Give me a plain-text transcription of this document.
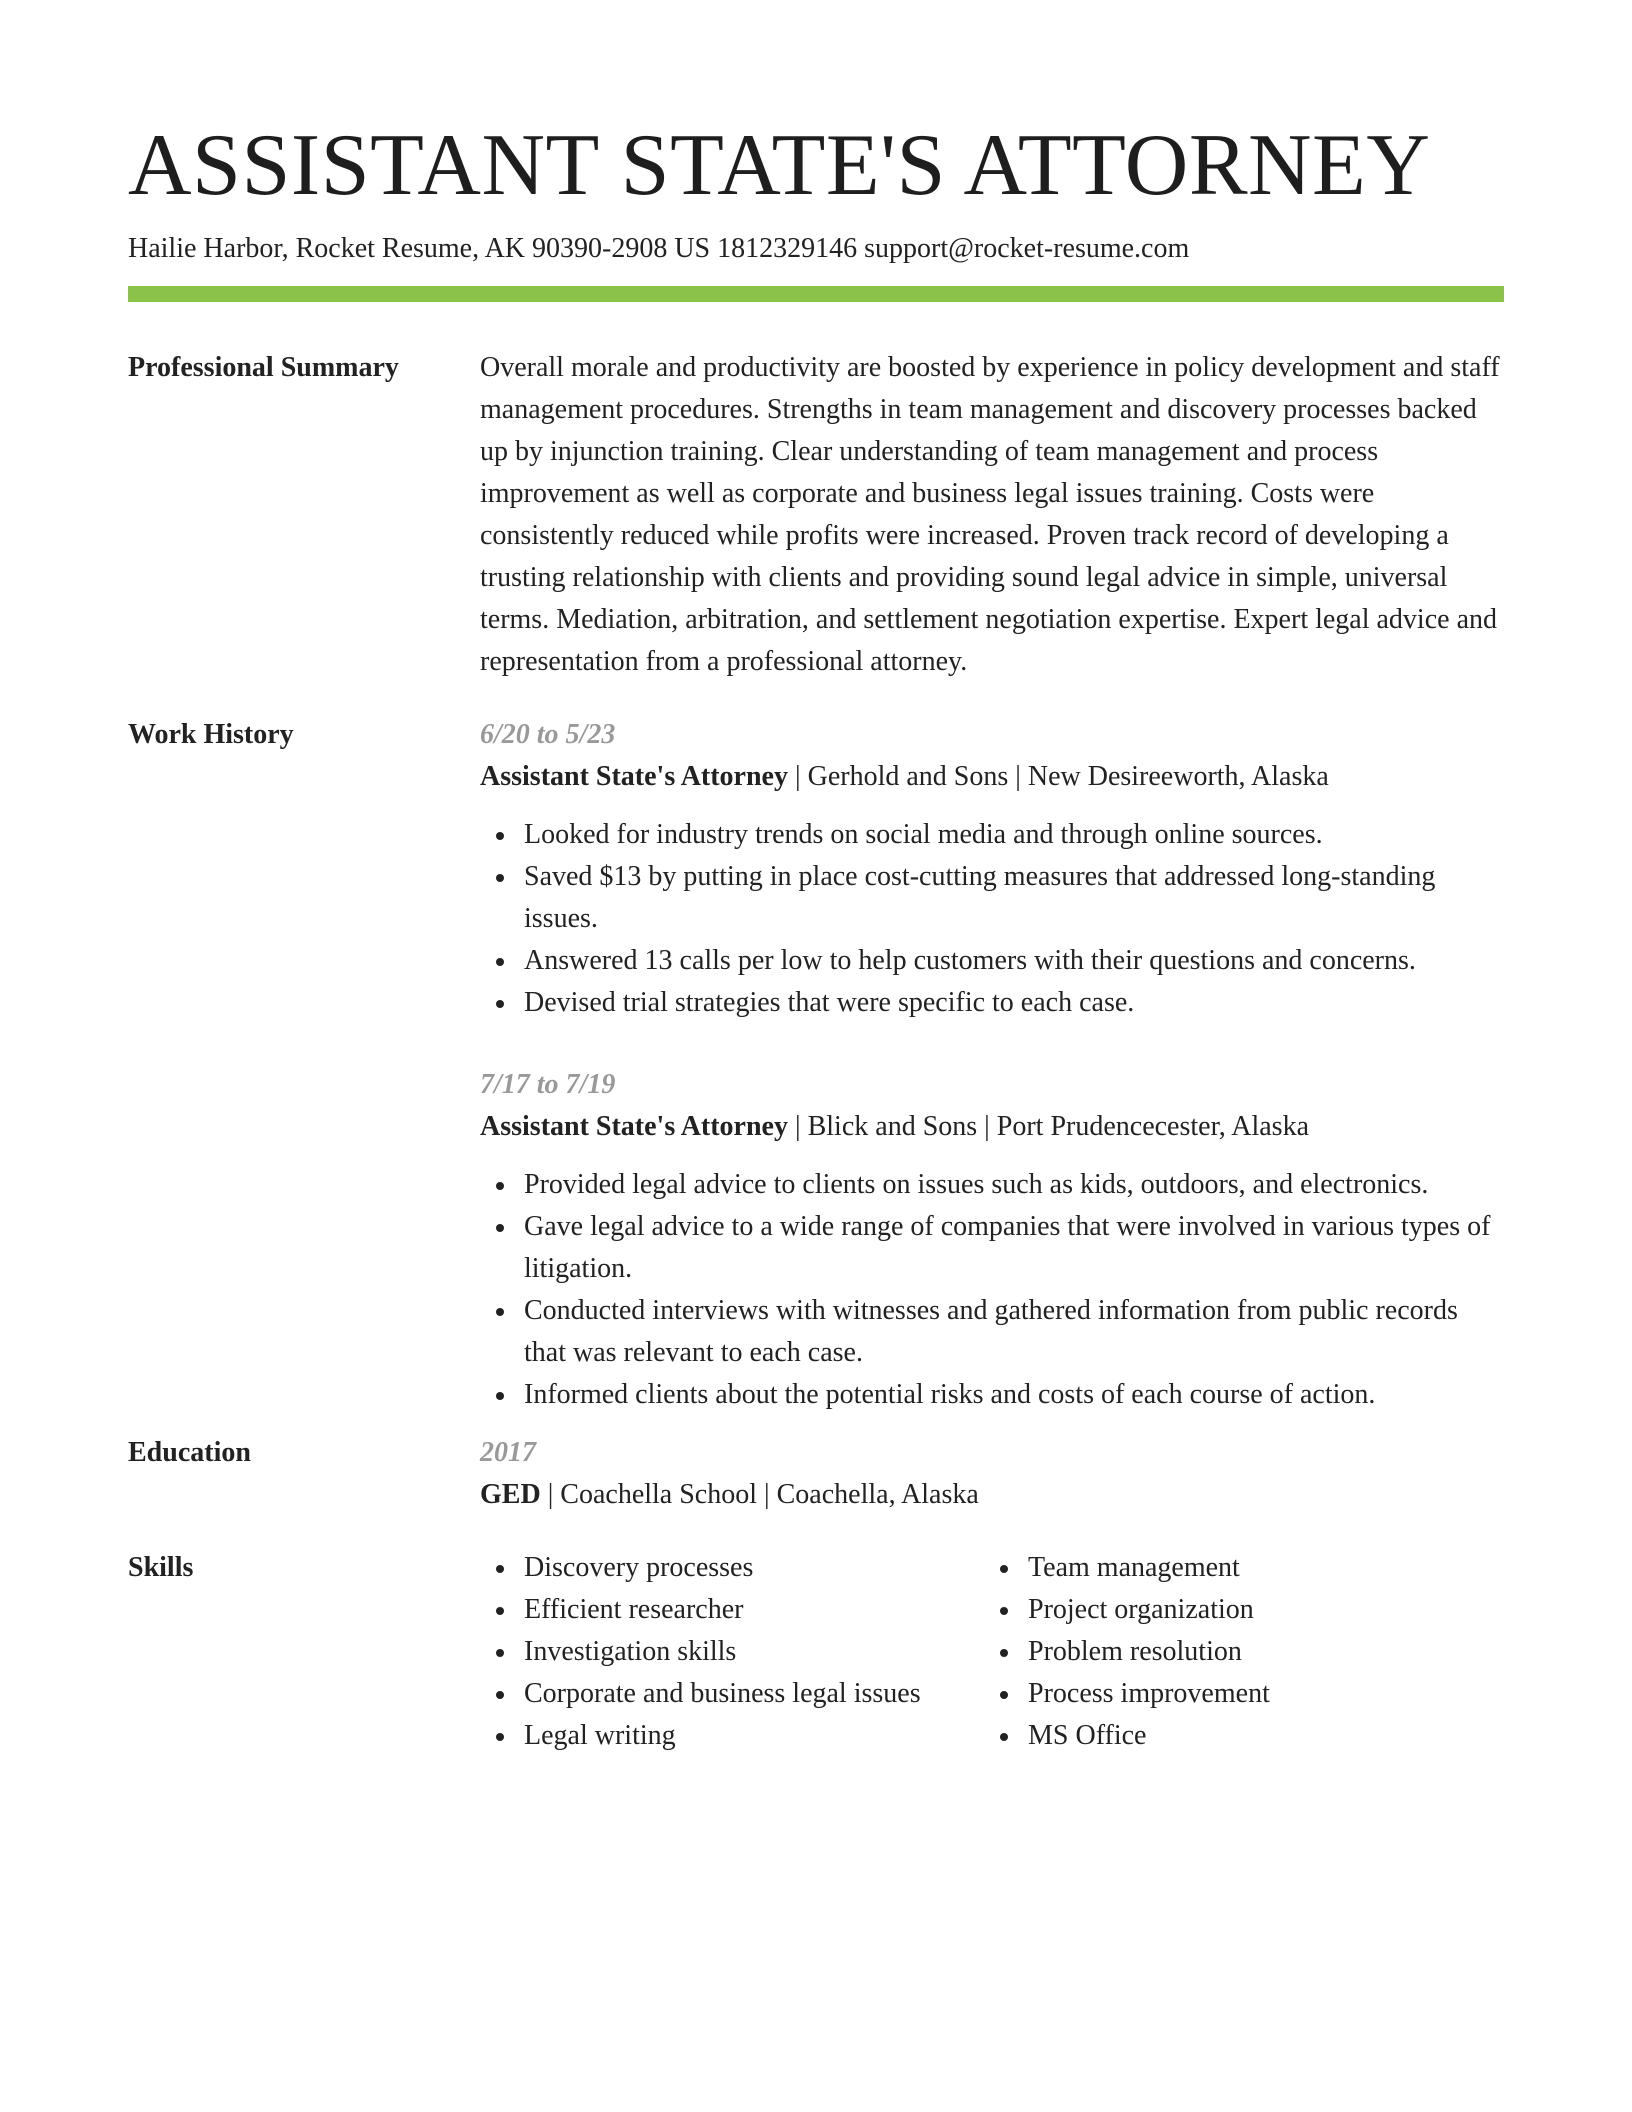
ASSISTANT STATE'S ATTORNEY
Hailie Harbor, Rocket Resume, AK 90390-2908 US 1812329146 support@rocket-resume.com
Professional Summary	Overall morale and productivity are boosted by experience in policy development and staff management procedures. Strengths in team management and discovery processes backed up by injunction training. Clear understanding of team management and process improvement as well as corporate and business legal issues training. Costs were consistently reduced while profits were increased. Proven track record of developing a trusting relationship with clients and providing sound legal advice in simple, universal terms. Mediation, arbitration, and settlement negotiation expertise. Expert legal advice and representation from a professional attorney.

Work History	6/20 to 5/23

Assistant State's Attorney | Gerhold and Sons | New Desireeworth, Alaska

Looked for industry trends on social media and through online sources.
Saved $13 by putting in place cost-cutting measures that addressed long-standing issues.
Answered 13 calls per low to help customers with their questions and concerns.
Devised trial strategies that were specific to each case.

7/17 to 7/19

Assistant State's Attorney | Blick and Sons | Port Prudencecester, Alaska

Provided legal advice to clients on issues such as kids, outdoors, and electronics.
Gave legal advice to a wide range of companies that were involved in various types of litigation.
Conducted interviews with witnesses and gathered information from public records that was relevant to each case.
Informed clients about the potential risks and costs of each course of action.
Education	2017

GED | Coachella School | Coachella, Alaska

Skills	Discovery processes
Efficient researcher
Investigation skills
Corporate and business legal issues
Legal writing
Team management
Project organization
Problem resolution
Process improvement
MS Office
